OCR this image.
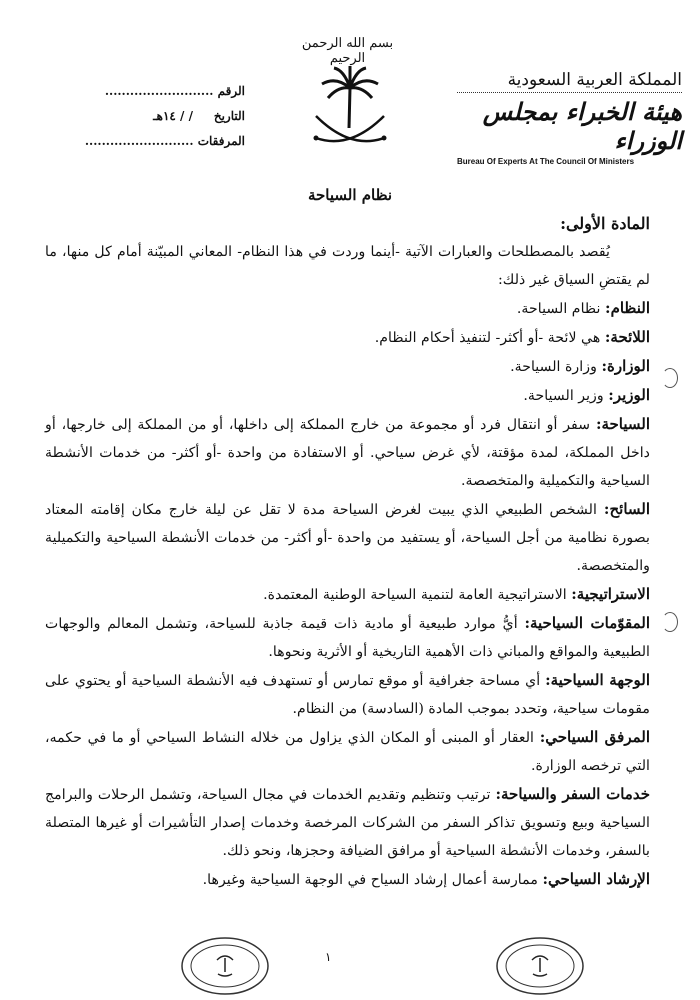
بسم الله الرحمن الرحيم
المملكة العربية السعودية
هيئة الخبراء بمجلس الوزراء
Bureau Of Experts At The Council Of Ministers
الرقم ..........................
التاريخ     / / ١٤هـ
المرفقات ..........................
نظام السياحة

المادة الأولى:

يُقصد بالمصطلحات والعبارات الآتية -أينما وردت في هذا النظام- المعاني المبيّنة أمام كل منها، ما لم يقتضِ السياق غير ذلك:

النظام: نظام السياحة.

اللائحة: هي لائحة -أو أكثر- لتنفيذ أحكام النظام.

الوزارة: وزارة السياحة.

الوزير: وزير السياحة.

السياحة: سفر أو انتقال فرد أو مجموعة من خارج المملكة إلى داخلها، أو من المملكة إلى خارجها، أو داخل المملكة، لمدة مؤقتة، لأي غرض سياحي. أو الاستفادة من واحدة -أو أكثر- من خدمات الأنشطة السياحية والتكميلية والمتخصصة.

السائح: الشخص الطبيعي الذي يبيت لغرض السياحة مدة لا تقل عن ليلة خارج مكان إقامته المعتاد بصورة نظامية من أجل السياحة، أو يستفيد من واحدة -أو أكثر- من خدمات الأنشطة السياحية والتكميلية والمتخصصة.

الاستراتيجية: الاستراتيجية العامة لتنمية السياحة الوطنية المعتمدة.

المقوّمات السياحية: أيُّ موارد طبيعية أو مادية ذات قيمة جاذبة للسياحة، وتشمل المعالم والوجهات الطبيعية والمواقع والمباني ذات الأهمية التاريخية أو الأثرية ونحوها.

الوجهة السياحية: أي مساحة جغرافية أو موقع تمارس أو تستهدف فيه الأنشطة السياحية أو يحتوي على مقومات سياحية، وتحدد بموجب المادة (السادسة) من النظام.

المرفق السياحي: العقار أو المبنى أو المكان الذي يزاول من خلاله النشاط السياحي أو ما في حكمه، التي ترخصه الوزارة.

خدمات السفر والسياحة: ترتيب وتنظيم وتقديم الخدمات في مجال السياحة، وتشمل الرحلات والبرامج السياحية وبيع وتسويق تذاكر السفر من الشركات المرخصة وخدمات إصدار التأشيرات أو غيرها المتصلة بالسفر، وخدمات الأنشطة السياحية أو مرافق الضيافة وحجزها، ونحو ذلك.

الإرشاد السياحي: ممارسة أعمال إرشاد السياح في الوجهة السياحية وغيرها.

١
